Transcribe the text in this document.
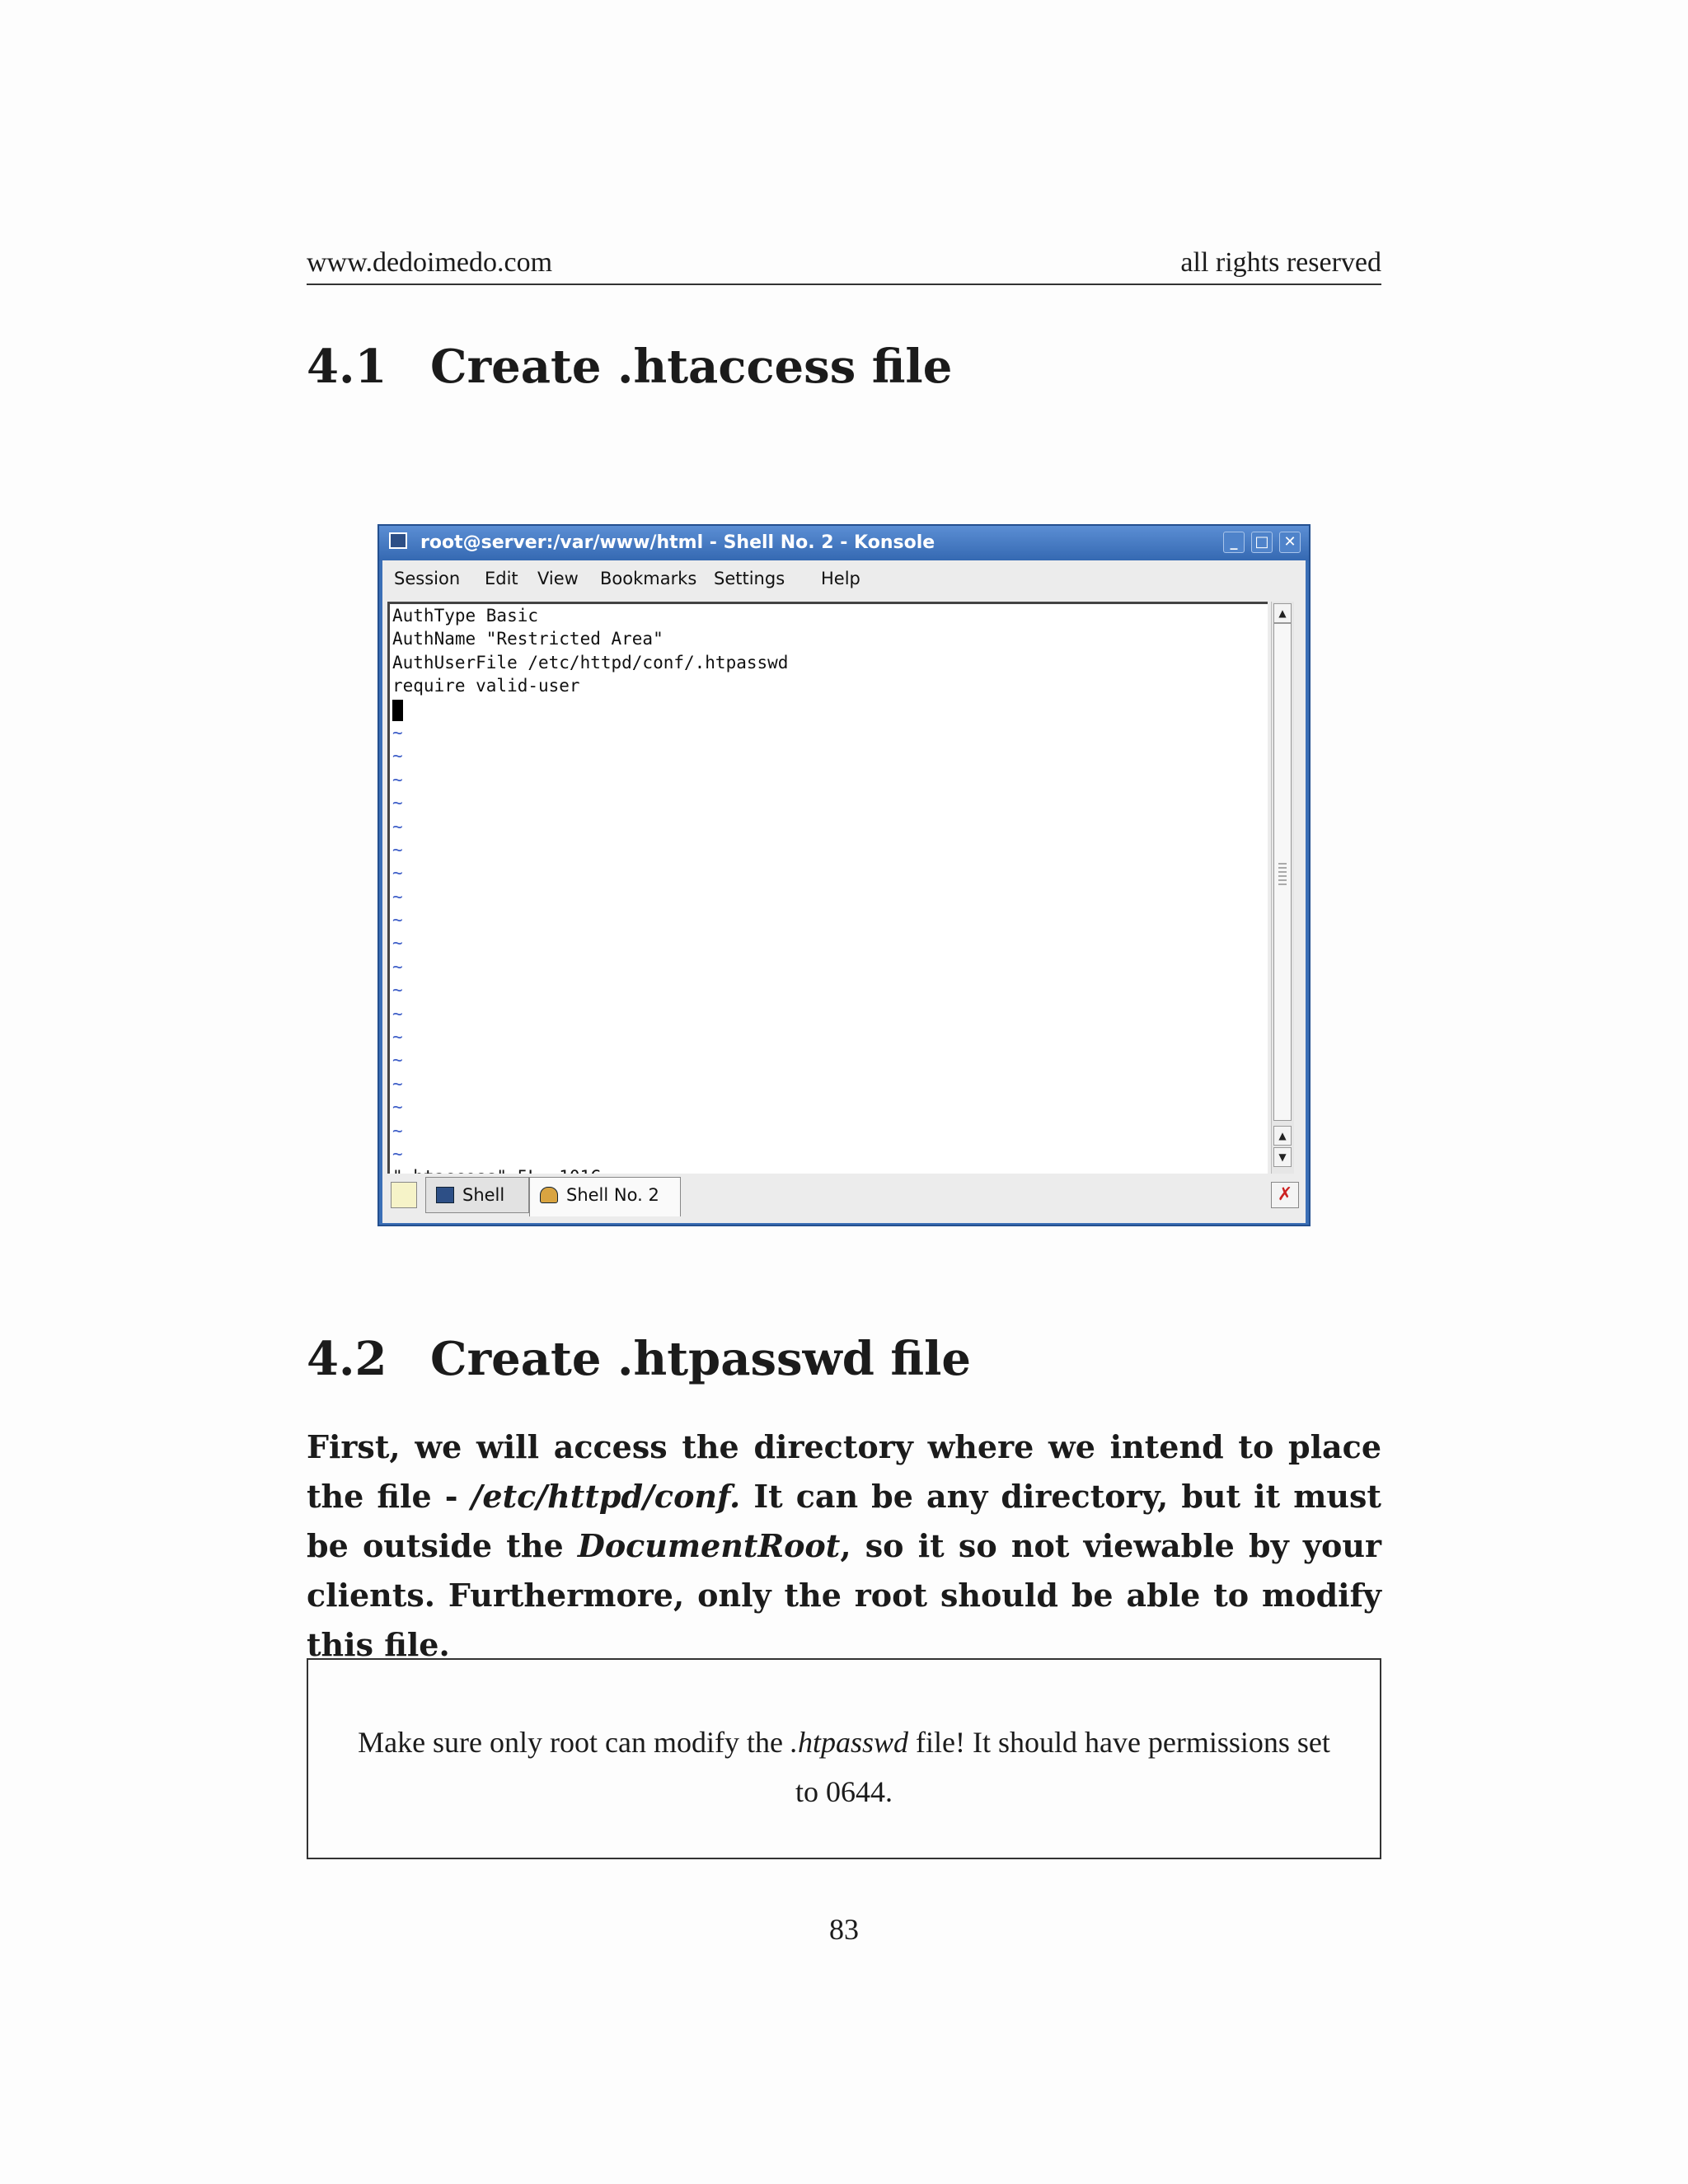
www.dedoimedo.com	all rights reserved
4.1 Create .htaccess file
root@server:/var/www/html - Shell No. 2 - Konsole	_	□ ✕
Session Edit View Bookmarks Settings Help
AuthType Basic
AuthName "Restricted Area"
AuthUserFile /etc/httpd/conf/.htpasswd
require valid-user
~
~
~
~
~
~
~
~
~
~
~
~
~
~
~
~
~
~
~
▲
▲
▼
Shell	Shell No. 2	✗
4.2 Create .htpasswd file
First, we will access the directory where we intend to place the file - /etc/httpd/conf. It can be any directory, but it must be outside the DocumentRoot, so it so not viewable by your clients. Furthermore, only the root should be able to modify this file.
Make sure only root can modify the .htpasswd file! It should have permissions set to 0644.
83
